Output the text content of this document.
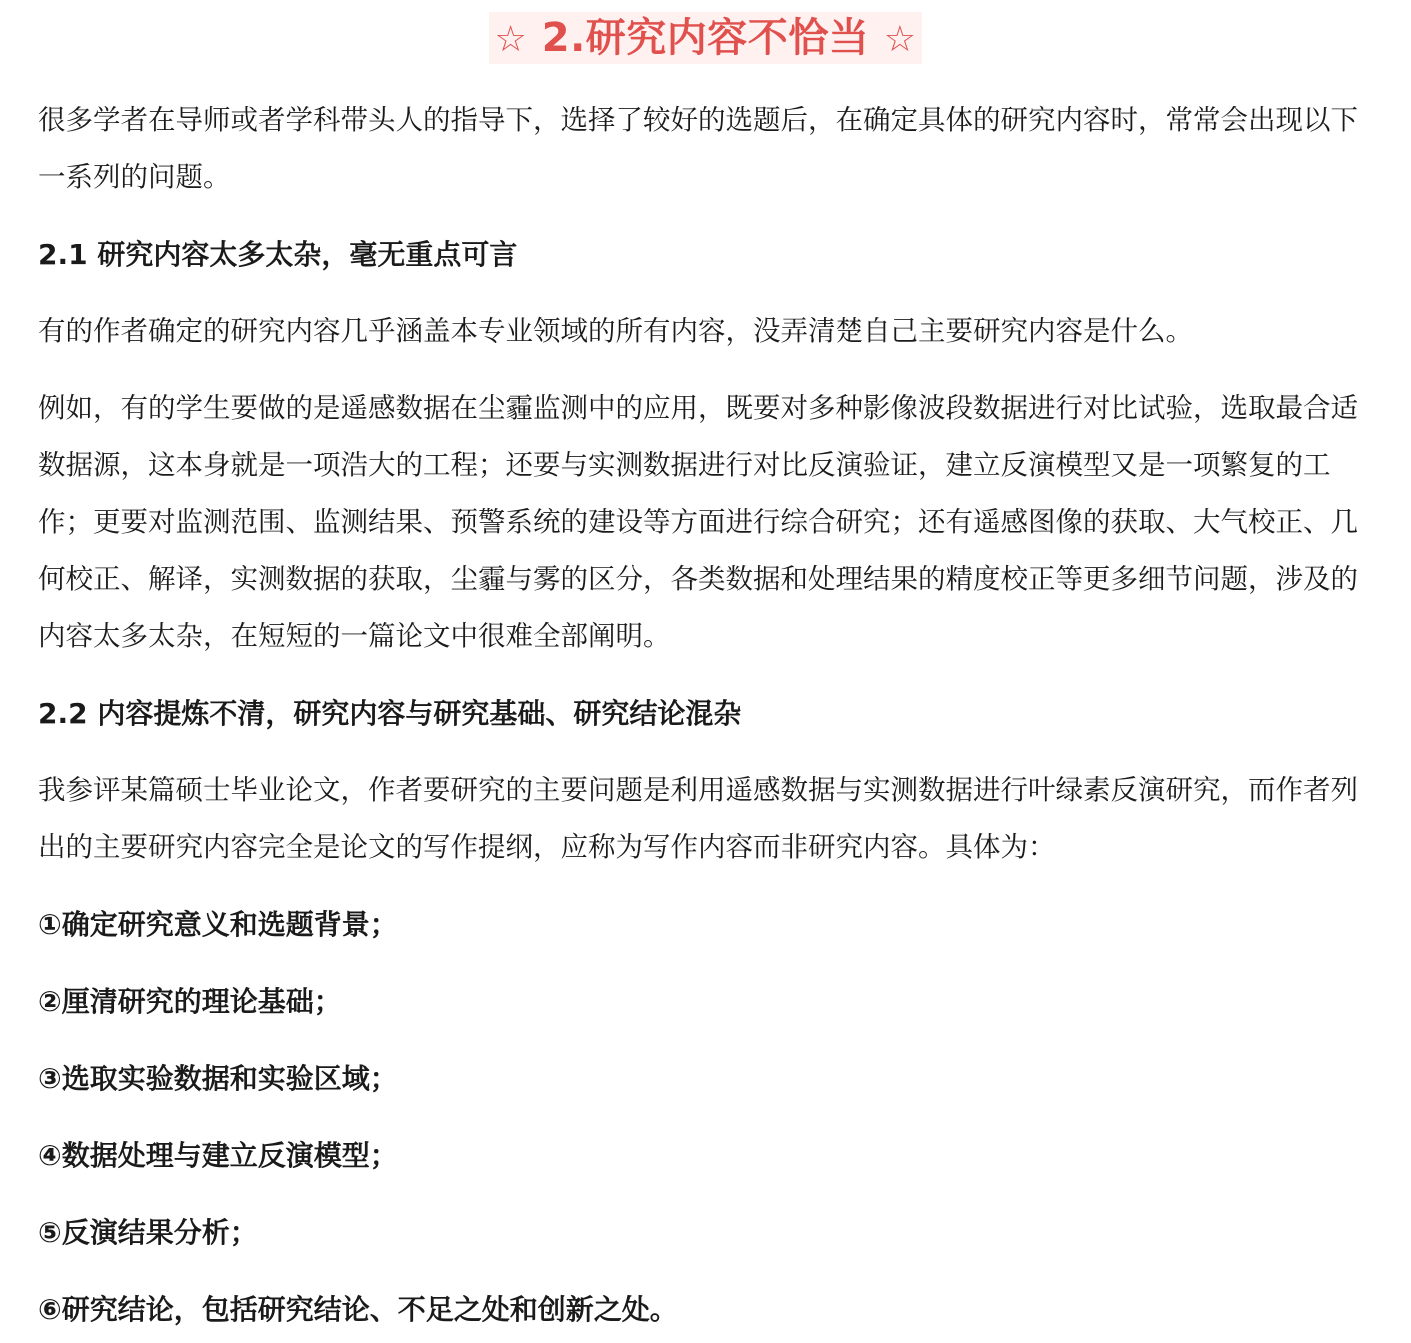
☆ 2.研究内容不恰当 ☆

很多学者在导师或者学科带头人的指导下，选择了较好的选题后，在确定具体的研究内容时，常常会出现以下一系列的问题。

2.1 研究内容太多太杂，毫无重点可言

有的作者确定的研究内容几乎涵盖本专业领域的所有内容，没弄清楚自己主要研究内容是什么。

例如，有的学生要做的是遥感数据在尘霾监测中的应用，既要对多种影像波段数据进行对比试验，选取最合适数据源，这本身就是一项浩大的工程；还要与实测数据进行对比反演验证，建立反演模型又是一项繁复的工作；更要对监测范围、监测结果、预警系统的建设等方面进行综合研究；还有遥感图像的获取、大气校正、几何校正、解译，实测数据的获取，尘霾与雾的区分，各类数据和处理结果的精度校正等更多细节问题，涉及的内容太多太杂，在短短的一篇论文中很难全部阐明。

2.2 内容提炼不清，研究内容与研究基础、研究结论混杂

我参评某篇硕士毕业论文，作者要研究的主要问题是利用遥感数据与实测数据进行叶绿素反演研究，而作者列出的主要研究内容完全是论文的写作提纲，应称为写作内容而非研究内容。具体为：

①确定研究意义和选题背景；

②厘清研究的理论基础；

③选取实验数据和实验区域；

④数据处理与建立反演模型；

⑤反演结果分析；

⑥研究结论，包括研究结论、不足之处和创新之处。
